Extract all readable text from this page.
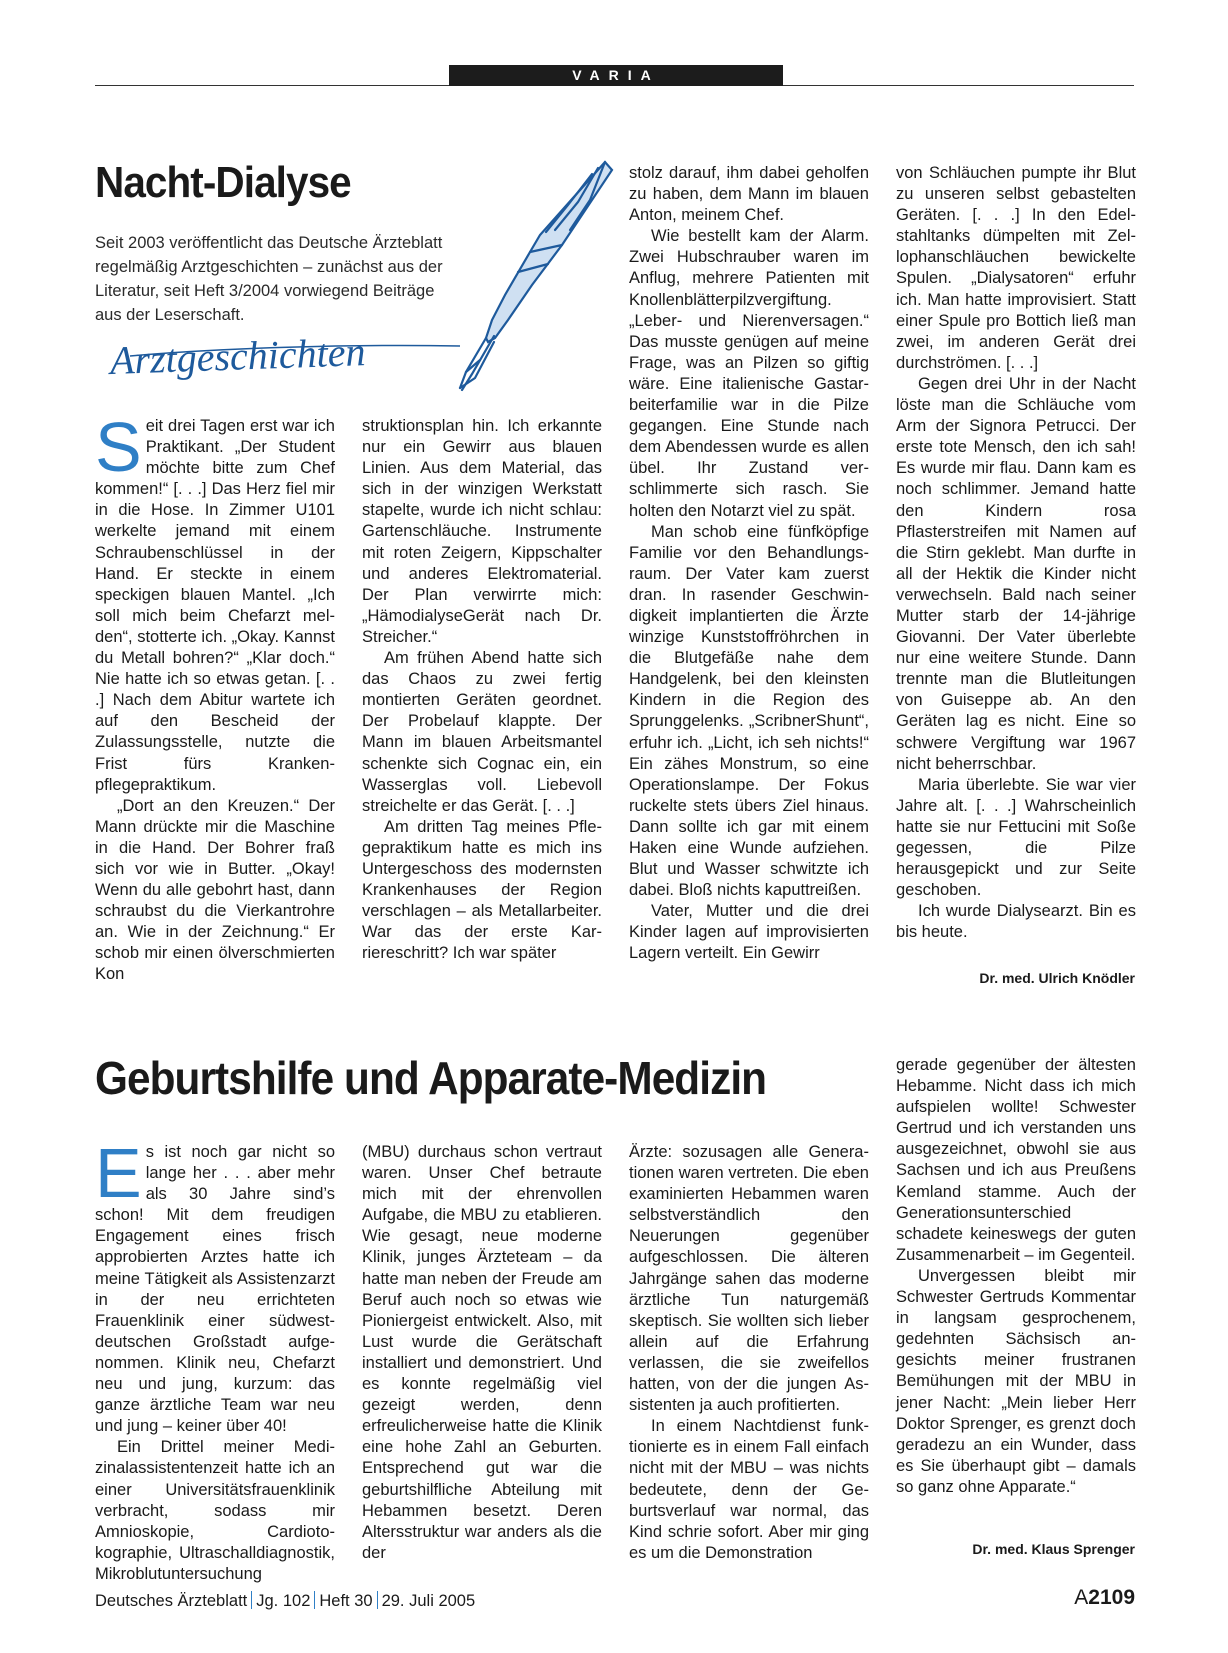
VARIA
Nacht-Dialyse
Arztgeschichten
Seit 2003 veröffentlicht das Deutsche Ärzteblatt regelmäßig Arztgeschichten – zunächst aus der Literatur, seit Heft 3/2004 vorwiegend Beiträge aus der Leserschaft.
S eit drei Tagen erst war ich Praktikant. „Der Student möchte bitte zum Chef kommen!“ [. . .] Das Herz fiel mir in die Hose. In Zimmer U101 werkelte jemand mit einem Schraubenschlüssel in der Hand. Er steckte in einem speckigen blauen Mantel. „Ich soll mich beim Chefarzt melden“, stotterte ich. „Okay. Kannst du Metall bohren?“ „Klar doch.“ Nie hatte ich so etwas getan. [. . .] Nach dem Abitur wartete ich auf den Bescheid der Zulassungsstelle, nutzte die Frist fürs Krankenpflegepraktikum.

„Dort an den Kreuzen.“ Der Mann drückte mir die Maschine in die Hand. Der Bohrer fraß sich vor wie in Butter. „Okay! Wenn du alle gebohrt hast, dann schraubst du die Vierkantrohre an. Wie in der Zeichnung.“ Er schob mir einen ölverschmierten Kon

struktionsplan hin. Ich erkannte nur ein Gewirr aus blauen Linien. Aus dem Material, das sich in der winzigen Werkstatt stapelte, wurde ich nicht schlau: Gartenschläuche. Instrumente mit roten Zeigern, Kippschalter und anderes Elektromaterial. Der Plan verwirrte mich: „HämodialyseGerät nach Dr. Streicher.“

Am frühen Abend hatte sich das Chaos zu zwei fertig montierten Geräten geordnet. Der Probelauf klappte. Der Mann im blauen Arbeitsmantel schenkte sich Cognac ein, ein Wasserglas voll. Liebevoll streichelte er das Gerät. [. . .]

Am dritten Tag meines Pflegepraktikum hatte es mich ins Untergeschoss des modernsten Krankenhauses der Region verschlagen – als Metallarbeiter. War das der erste Karriereschritt? Ich war später

stolz darauf, ihm dabei geholfen zu haben, dem Mann im blauen Anton, meinem Chef.

Wie bestellt kam der Alarm. Zwei Hubschrauber waren im Anflug, mehrere Patienten mit Knollenblätterpilzvergiftung. „Leber- und Nierenversagen.“ Das musste genügen auf meine Frage, was an Pilzen so giftig wäre. Eine italienische Gastarbeiterfamilie war in die Pilze gegangen. Eine Stunde nach dem Abendessen wurde es allen übel. Ihr Zustand verschlimmerte sich rasch. Sie holten den Notarzt viel zu spät.

Man schob eine fünfköpfige Familie vor den Behandlungsraum. Der Vater kam zuerst dran. In rasender Geschwindigkeit implantierten die Ärzte winzige Kunststoffröhrchen in die Blutgefäße nahe dem Handgelenk, bei den kleinsten Kindern in die Region des Sprunggelenks. „ScribnerShunt“, erfuhr ich. „Licht, ich seh nichts!“ Ein zähes Monstrum, so eine Operationslampe. Der Fokus ruckelte stets übers Ziel hinaus. Dann sollte ich gar mit einem Haken eine Wunde aufziehen. Blut und Wasser schwitzte ich dabei. Bloß nichts kaputtreißen.

Vater, Mutter und die drei Kinder lagen auf improvisierten Lagern verteilt. Ein Gewirr

von Schläuchen pumpte ihr Blut zu unseren selbst gebastelten Geräten. [. . .] In den Edelstahltanks dümpelten mit Zellophanschläuchen bewickelte Spulen. „Dialysatoren“ erfuhr ich. Man hatte improvisiert. Statt einer Spule pro Bottich ließ man zwei, im anderen Gerät drei durchströmen. [. . .]

Gegen drei Uhr in der Nacht löste man die Schläuche vom Arm der Signora Petrucci. Der erste tote Mensch, den ich sah! Es wurde mir flau. Dann kam es noch schlimmer. Jemand hatte den Kindern rosa Pflasterstreifen mit Namen auf die Stirn geklebt. Man durfte in all der Hektik die Kinder nicht verwechseln. Bald nach seiner Mutter starb der 14-jährige Giovanni. Der Vater überlebte nur eine weitere Stunde. Dann trennte man die Blutleitungen von Guiseppe ab. An den Geräten lag es nicht. Eine so schwere Vergiftung war 1967 nicht beherrschbar.

Maria überlebte. Sie war vier Jahre alt. [. . .] Wahrscheinlich hatte sie nur Fettucini mit Soße gegessen, die Pilze herausgepickt und zur Seite geschoben.

Ich wurde Dialysearzt. Bin es bis heute.

Dr. med. Ulrich Knödler
Geburtshilfe und Apparate-Medizin
E s ist noch gar nicht so lange her . . . aber mehr als 30 Jahre sind’s schon! Mit dem freudigen Engagement eines frisch approbierten Arztes hatte ich meine Tätigkeit als Assistenzarzt in der neu errichteten Frauenklinik einer südwestdeutschen Großstadt aufgenommen. Klinik neu, Chefarzt neu und jung, kurzum: das ganze ärztliche Team war neu und jung – keiner über 40!

Ein Drittel meiner Medizinalassistentenzeit hatte ich an einer Universitätsfrauenklinik verbracht, sodass mir Amnioskopie, Cardiotokographie, Ultraschalldiagnostik, Mikroblutuntersuchung

(MBU) durchaus schon vertraut waren. Unser Chef betraute mich mit der ehrenvollen Aufgabe, die MBU zu etablieren. Wie gesagt, neue moderne Klinik, junges Ärzteteam – da hatte man neben der Freude am Beruf auch noch so etwas wie Pioniergeist entwickelt. Also, mit Lust wurde die Gerätschaft installiert und demonstriert. Und es konnte regelmäßig viel gezeigt werden, denn erfreulicherweise hatte die Klinik eine hohe Zahl an Geburten. Entsprechend gut war die geburtshilfliche Abteilung mit Hebammen besetzt. Deren Altersstruktur war anders als die der

Ärzte: sozusagen alle Generationen waren vertreten. Die eben examinierten Hebammen waren selbstverständlich den Neuerungen gegenüber aufgeschlossen. Die älteren Jahrgänge sahen das moderne ärztliche Tun naturgemäß skeptisch. Sie wollten sich lieber allein auf die Erfahrung verlassen, die sie zweifellos hatten, von der die jungen Assistenten ja auch profitierten.

In einem Nachtdienst funktionierte es in einem Fall einfach nicht mit der MBU – was nichts bedeutete, denn der Geburtsverlauf war normal, das Kind schrie sofort. Aber mir ging es um die Demonstration

gerade gegenüber der ältesten Hebamme. Nicht dass ich mich aufspielen wollte! Schwester Gertrud und ich verstanden uns ausgezeichnet, obwohl sie aus Sachsen und ich aus Preußens Kemland stamme. Auch der Generationsunterschied schadete keineswegs der guten Zusammenarbeit – im Gegenteil.

Unvergessen bleibt mir Schwester Gertruds Kommentar in langsam gesprochenem, gedehnten Sächsisch angesichts meiner frustranen Bemühungen mit der MBU in jener Nacht: „Mein lieber Herr Doktor Sprenger, es grenzt doch geradezu an ein Wunder, dass es Sie überhaupt gibt – damals so ganz ohne Apparate.“

Dr. med. Klaus Sprenger
Deutsches Ärzteblatt Jg. 102 Heft 30 29. Juli 2005	A2109
